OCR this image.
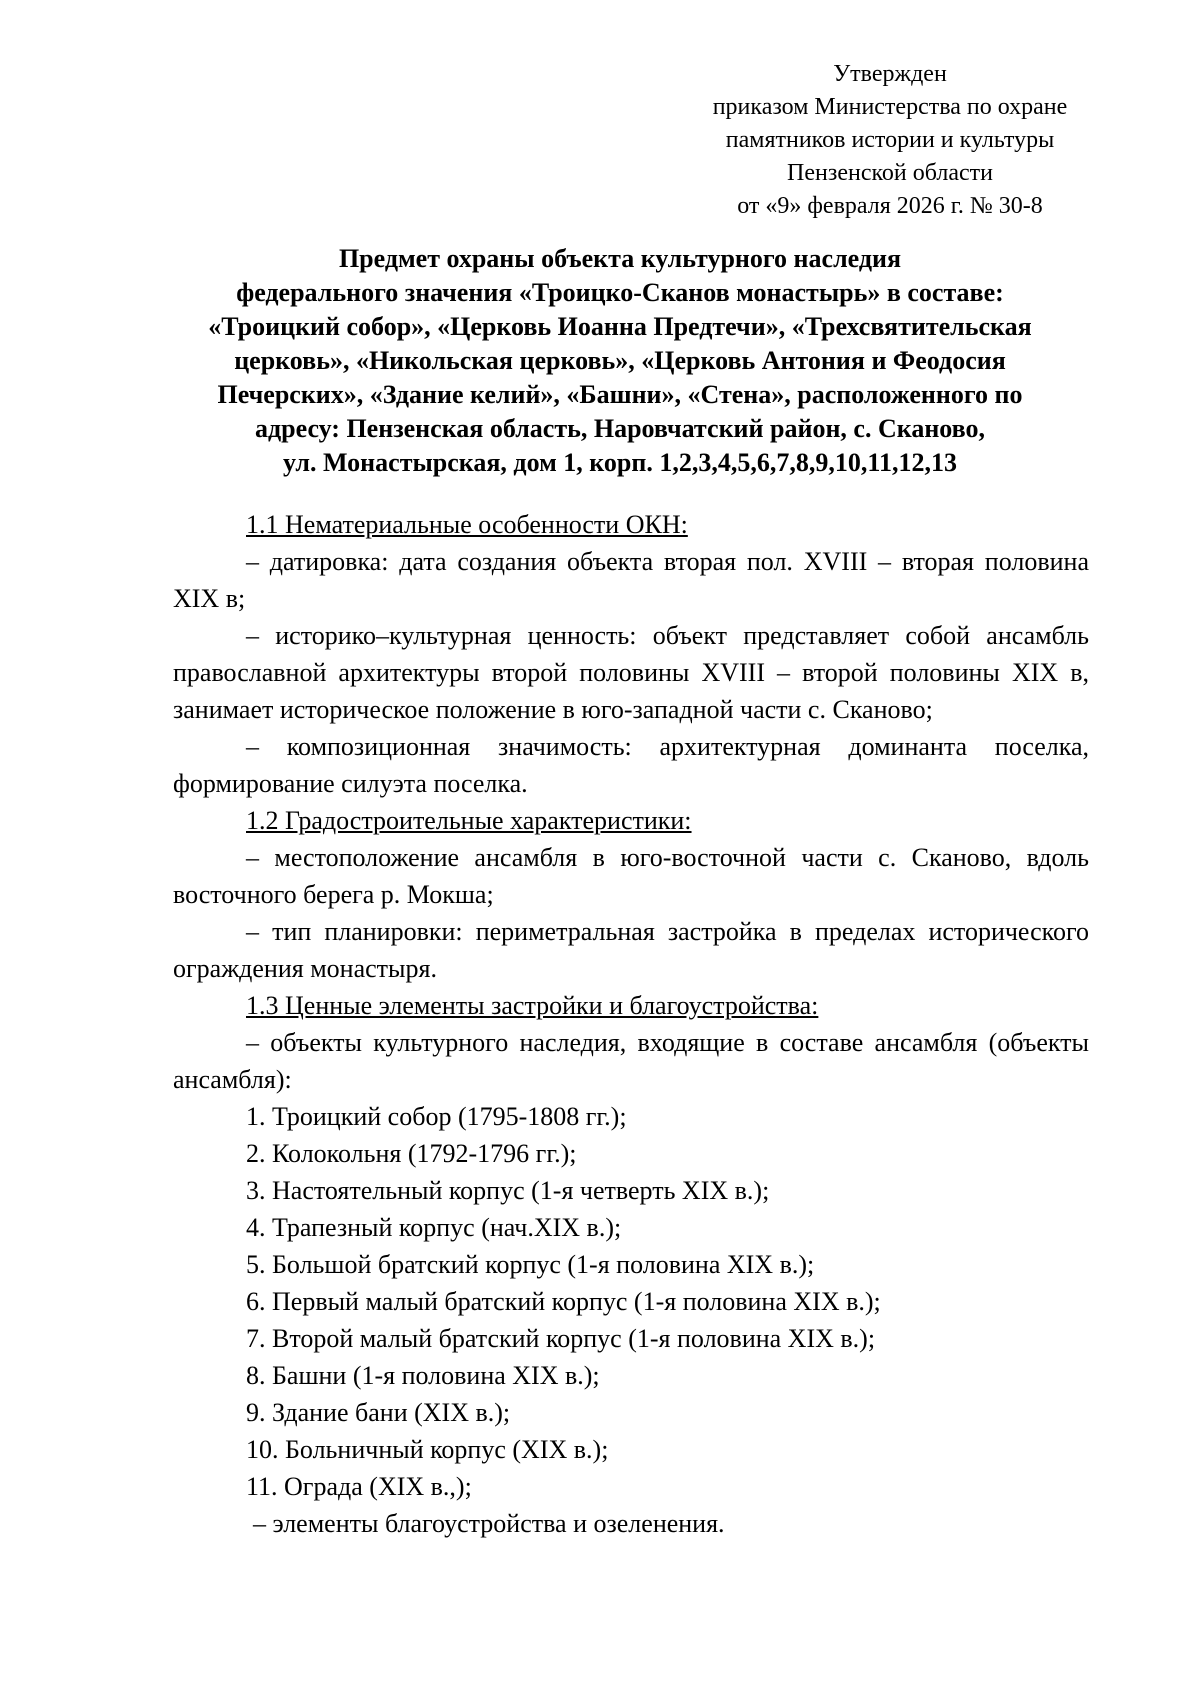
Утвержден
приказом Министерства по охране
памятников истории и культуры
Пензенской области
от «9» февраля 2026 г. № 30-8
Предмет охраны объекта культурного наследия
федерального значения «Троицко-Сканов монастырь» в составе:
«Троицкий собор», «Церковь Иоанна Предтечи», «Трехсвятительская
церковь», «Никольская церковь», «Церковь Антония и Феодосия
Печерских», «Здание келий», «Башни», «Стена», расположенного по
адресу: Пензенская область, Наровчатский район, с. Сканово,
ул. Монастырская, дом 1, корп. 1,2,3,4,5,6,7,8,9,10,11,12,13
1.1 Нематериальные особенности ОКН:
– датировка: дата создания объекта вторая пол. XVIII – вторая половина XIX в;
– историко–культурная ценность: объект представляет собой ансамбль православной архитектуры второй половины XVIII – второй половины XIX в, занимает историческое положение в юго-западной части с. Сканово;
– композиционная значимость: архитектурная доминанта поселка, формирование силуэта поселка.
1.2 Градостроительные характеристики:
– местоположение ансамбля в юго-восточной части с. Сканово, вдоль восточного берега р. Мокша;
– тип планировки: периметральная застройка в пределах исторического ограждения монастыря.
1.3 Ценные элементы застройки и благоустройства:
– объекты культурного наследия, входящие в составе ансамбля (объекты ансамбля):
1. Троицкий собор (1795-1808 гг.);
2. Колокольня (1792-1796 гг.);
3. Настоятельный корпус (1-я четверть XIX в.);
4. Трапезный корпус (нач.XIX в.);
5. Большой братский корпус (1-я половина XIX в.);
6. Первый малый братский корпус (1-я половина XIX в.);
7. Второй малый братский корпус (1-я половина XIX в.);
8. Башни (1-я половина XIX в.);
9. Здание бани (XIX в.);
10. Больничный корпус (XIX в.);
11. Ограда (XIX в.,);
– элементы благоустройства и озеленения.
